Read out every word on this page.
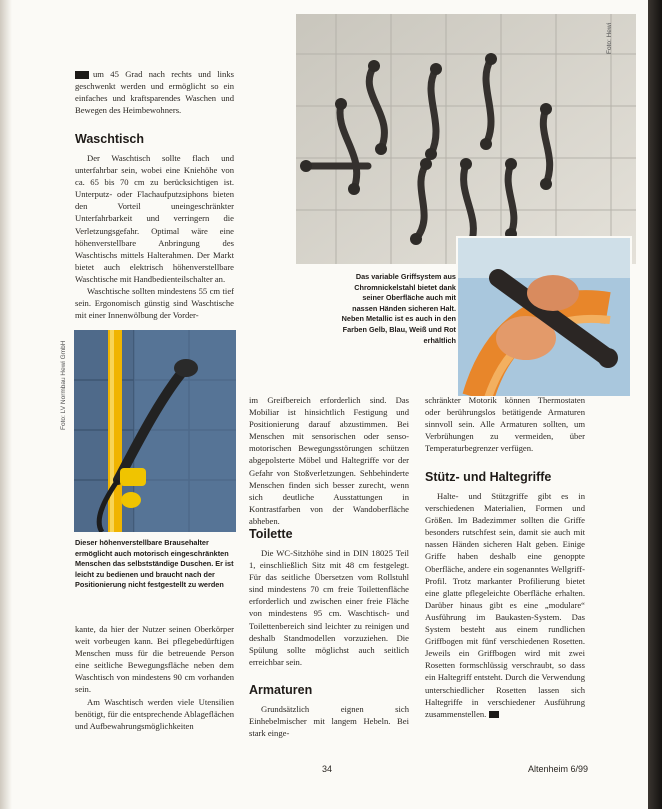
Foto: Hewi
Das variable Griffsystem aus Chromnickelstahl bietet dank seiner Oberfläche auch mit nassen Händen sicheren Halt. Neben Metallic ist es auch in den Farben Gelb, Blau, Weiß und Rot erhältlich

um 45 Grad nach rechts und links geschwenkt werden und ermöglicht so ein einfaches und kraftsparendes Waschen und Bewegen des Heimbewohners.

Waschtisch

Der Waschtisch sollte flach und unterfahrbar sein, wobei eine Kniehöhe von ca. 65 bis 70 cm zu berücksichtigen ist. Unterputz- oder Flachaufputzsiphons bieten den Vorteil uneingeschränkter Unterfahrbarkeit und verringern die Verletzungsgefahr. Optimal wäre eine höhenverstellbare Anbringung des Waschtischs mittels Halterahmen. Der Markt bietet auch elektrisch höhenverstellbare Waschtische mit Handbedienteilschalter an.

Waschtische sollten mindestens 55 cm tief sein. Ergonomisch günstig sind Waschtische mit einer Innenwölbung der Vorder-

Foto: LV Normbau Hewi GmbH
Dieser höhenverstellbare Brausehalter ermöglicht auch motorisch eingeschränkten Menschen das selbstständige Duschen. Er ist leicht zu bedienen und braucht nach der Positionierung nicht festgestellt zu werden

kante, da hier der Nutzer seinen Oberkörper weit vorbeugen kann. Bei pflegebedürftigen Menschen muss für die betreuende Person eine seitliche Bewegungsfläche neben dem Waschtisch von mindestens 90 cm vorhanden sein.

Am Waschtisch werden viele Utensilien benötigt, für die entsprechende Ablageflächen und Aufbewahrungsmöglichkeiten

im Greifbereich erforderlich sind. Das Mobiliar ist hinsichtlich Festigung und Positionierung darauf abzustimmen. Bei Menschen mit sensorischen oder senso-motorischen Bewegungsstörungen schützen abgepolsterte Möbel und Haltegriffe vor der Gefahr von Stoßverletzungen. Sehbehinderte Menschen finden sich besser zurecht, wenn sich deutliche Ausstattungen in Kontrastfarben von der Wandoberfläche abheben.

Toilette

Die WC-Sitzhöhe sind in DIN 18025 Teil 1, einschließlich Sitz mit 48 cm festgelegt. Für das seitliche Übersetzen vom Rollstuhl sind mindestens 70 cm freie Toilettenfläche erforderlich und zwischen einer freie Fläche von mindestens 95 cm. Waschtisch- und Toilettenbereich sind leichter zu reinigen und deshalb Standmodellen vorzuziehen. Die Spülung sollte möglichst auch seitlich erreichbar sein.

Armaturen

Grundsätzlich eignen sich Einhebelmischer mit langem Hebeln. Bei stark einge-

schränkter Motorik können Thermostaten oder berührungslos betätigende Armaturen sinnvoll sein. Alle Armaturen sollten, um Verbrühungen zu vermeiden, über Temperaturbegrenzer verfügen.

Stütz- und Haltegriffe

Halte- und Stützgriffe gibt es in verschiedenen Materialien, Formen und Größen. Im Badezimmer sollten die Griffe besonders rutschfest sein, damit sie auch mit nassen Händen sicheren Halt geben. Einige Griffe haben deshalb eine genoppte Oberfläche, andere ein sogenanntes Wellgriff-Profil. Trotz markanter Profilierung bietet eine glatte pflegeleichte Oberfläche erhalten. Darüber hinaus gibt es eine „modulare“ Ausführung im Baukasten-System. Das System besteht aus einem rundlichen Griffbogen mit fünf verschiedenen Rosetten. Jeweils ein Griffbogen wird mit zwei Rosetten formschlüssig verschraubt, so dass ein Haltegriff entsteht. Durch die Verwendung unterschiedlicher Rosetten lassen sich Haltegriffe in verschiedener Ausführung zusammenstellen.

34	Altenheim 6/99
